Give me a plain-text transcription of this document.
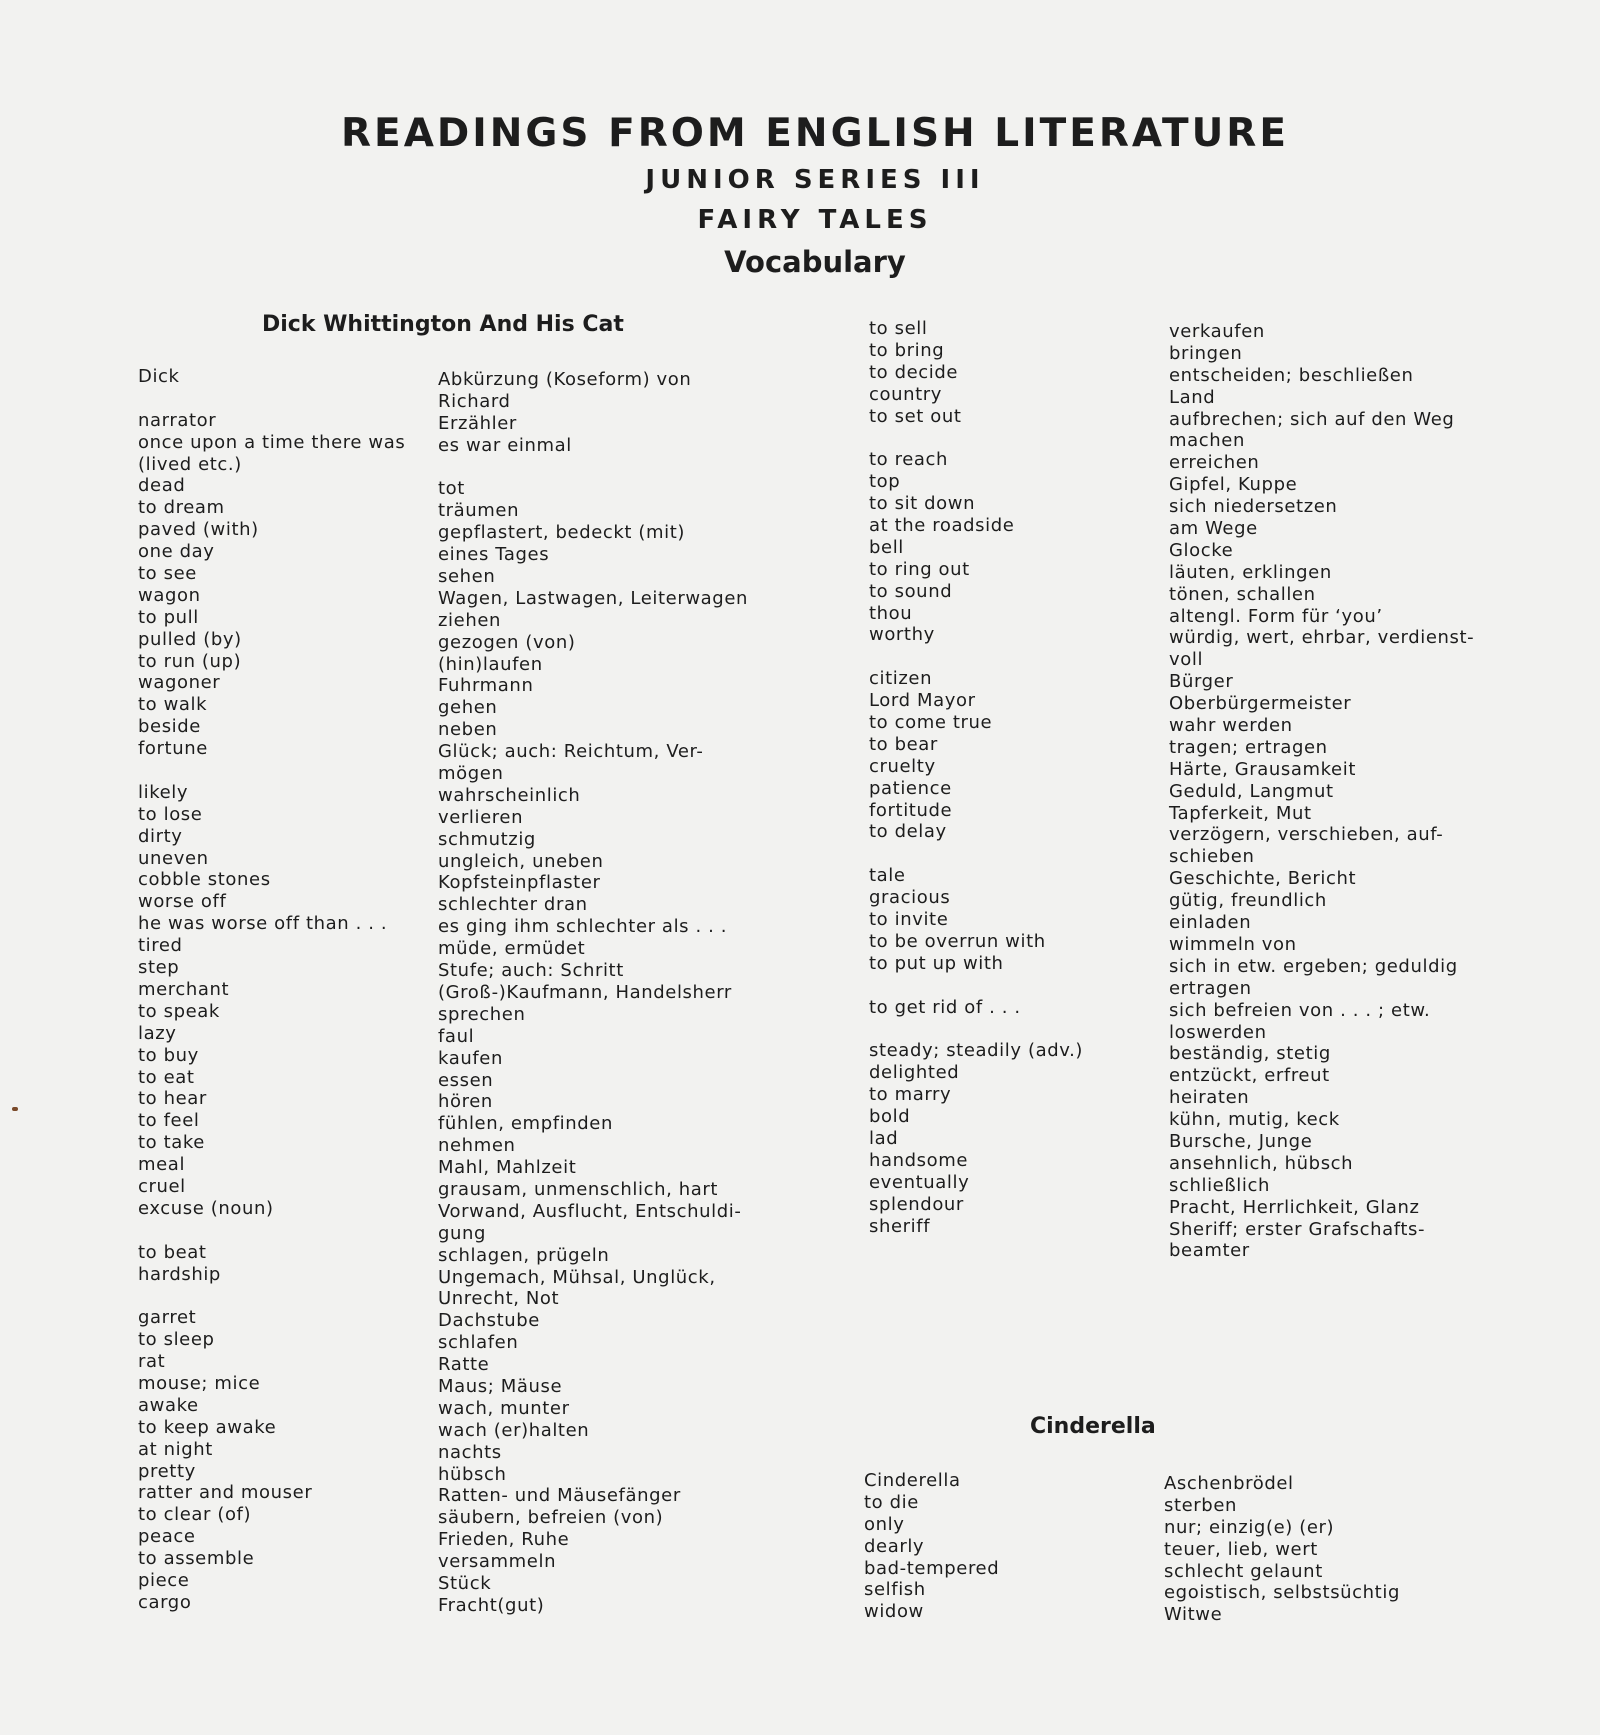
READINGS FROM ENGLISH LITERATURE
JUNIOR SERIES III
FAIRY TALES
Vocabulary
Dick Whittington And His Cat
Dick
narrator
once upon a time there was
(lived etc.)
dead
to dream
paved (with)
one day
to see
wagon
to pull
pulled (by)
to run (up)
wagoner
to walk
beside
fortune
likely
to lose
dirty
uneven
cobble stones
worse off
he was worse off than . . .
tired
step
merchant
to speak
lazy
to buy
to eat
to hear
to feel
to take
meal
cruel
excuse (noun)
to beat
hardship
garret
to sleep
rat
mouse; mice
awake
to keep awake
at night
pretty
ratter and mouser
to clear (of)
peace
to assemble
piece
cargo
Abkürzung (Koseform) von
Richard
Erzähler
es war einmal
tot
träumen
gepflastert, bedeckt (mit)
eines Tages
sehen
Wagen, Lastwagen, Leiterwagen
ziehen
gezogen (von)
(hin)laufen
Fuhrmann
gehen
neben
Glück; auch: Reichtum, Ver-
mögen
wahrscheinlich
verlieren
schmutzig
ungleich, uneben
Kopfsteinpflaster
schlechter dran
es ging ihm schlechter als . . .
müde, ermüdet
Stufe; auch: Schritt
(Groß-)Kaufmann, Handelsherr
sprechen
faul
kaufen
essen
hören
fühlen, empfinden
nehmen
Mahl, Mahlzeit
grausam, unmenschlich, hart
Vorwand, Ausflucht, Entschuldi-
gung
schlagen, prügeln
Ungemach, Mühsal, Unglück,
Unrecht, Not
Dachstube
schlafen
Ratte
Maus; Mäuse
wach, munter
wach (er)halten
nachts
hübsch
Ratten- und Mäusefänger
säubern, befreien (von)
Frieden, Ruhe
versammeln
Stück
Fracht(gut)
to sell
to bring
to decide
country
to set out
to reach
top
to sit down
at the roadside
bell
to ring out
to sound
thou
worthy
citizen
Lord Mayor
to come true
to bear
cruelty
patience
fortitude
to delay
tale
gracious
to invite
to be overrun with
to put up with
to get rid of . . .
steady; steadily (adv.)
delighted
to marry
bold
lad
handsome
eventually
splendour
sheriff
verkaufen
bringen
entscheiden; beschließen
Land
aufbrechen; sich auf den Weg
machen
erreichen
Gipfel, Kuppe
sich niedersetzen
am Wege
Glocke
läuten, erklingen
tönen, schallen
altengl. Form für ‘you’
würdig, wert, ehrbar, verdienst-
voll
Bürger
Oberbürgermeister
wahr werden
tragen; ertragen
Härte, Grausamkeit
Geduld, Langmut
Tapferkeit, Mut
verzögern, verschieben, auf-
schieben
Geschichte, Bericht
gütig, freundlich
einladen
wimmeln von
sich in etw. ergeben; geduldig
ertragen
sich befreien von . . . ; etw.
loswerden
beständig, stetig
entzückt, erfreut
heiraten
kühn, mutig, keck
Bursche, Junge
ansehnlich, hübsch
schließlich
Pracht, Herrlichkeit, Glanz
Sheriff; erster Grafschafts-
beamter
Cinderella
Cinderella
to die
only
dearly
bad-tempered
selfish
widow
Aschenbrödel
sterben
nur; einzig(e) (er)
teuer, lieb, wert
schlecht gelaunt
egoistisch, selbstsüchtig
Witwe
